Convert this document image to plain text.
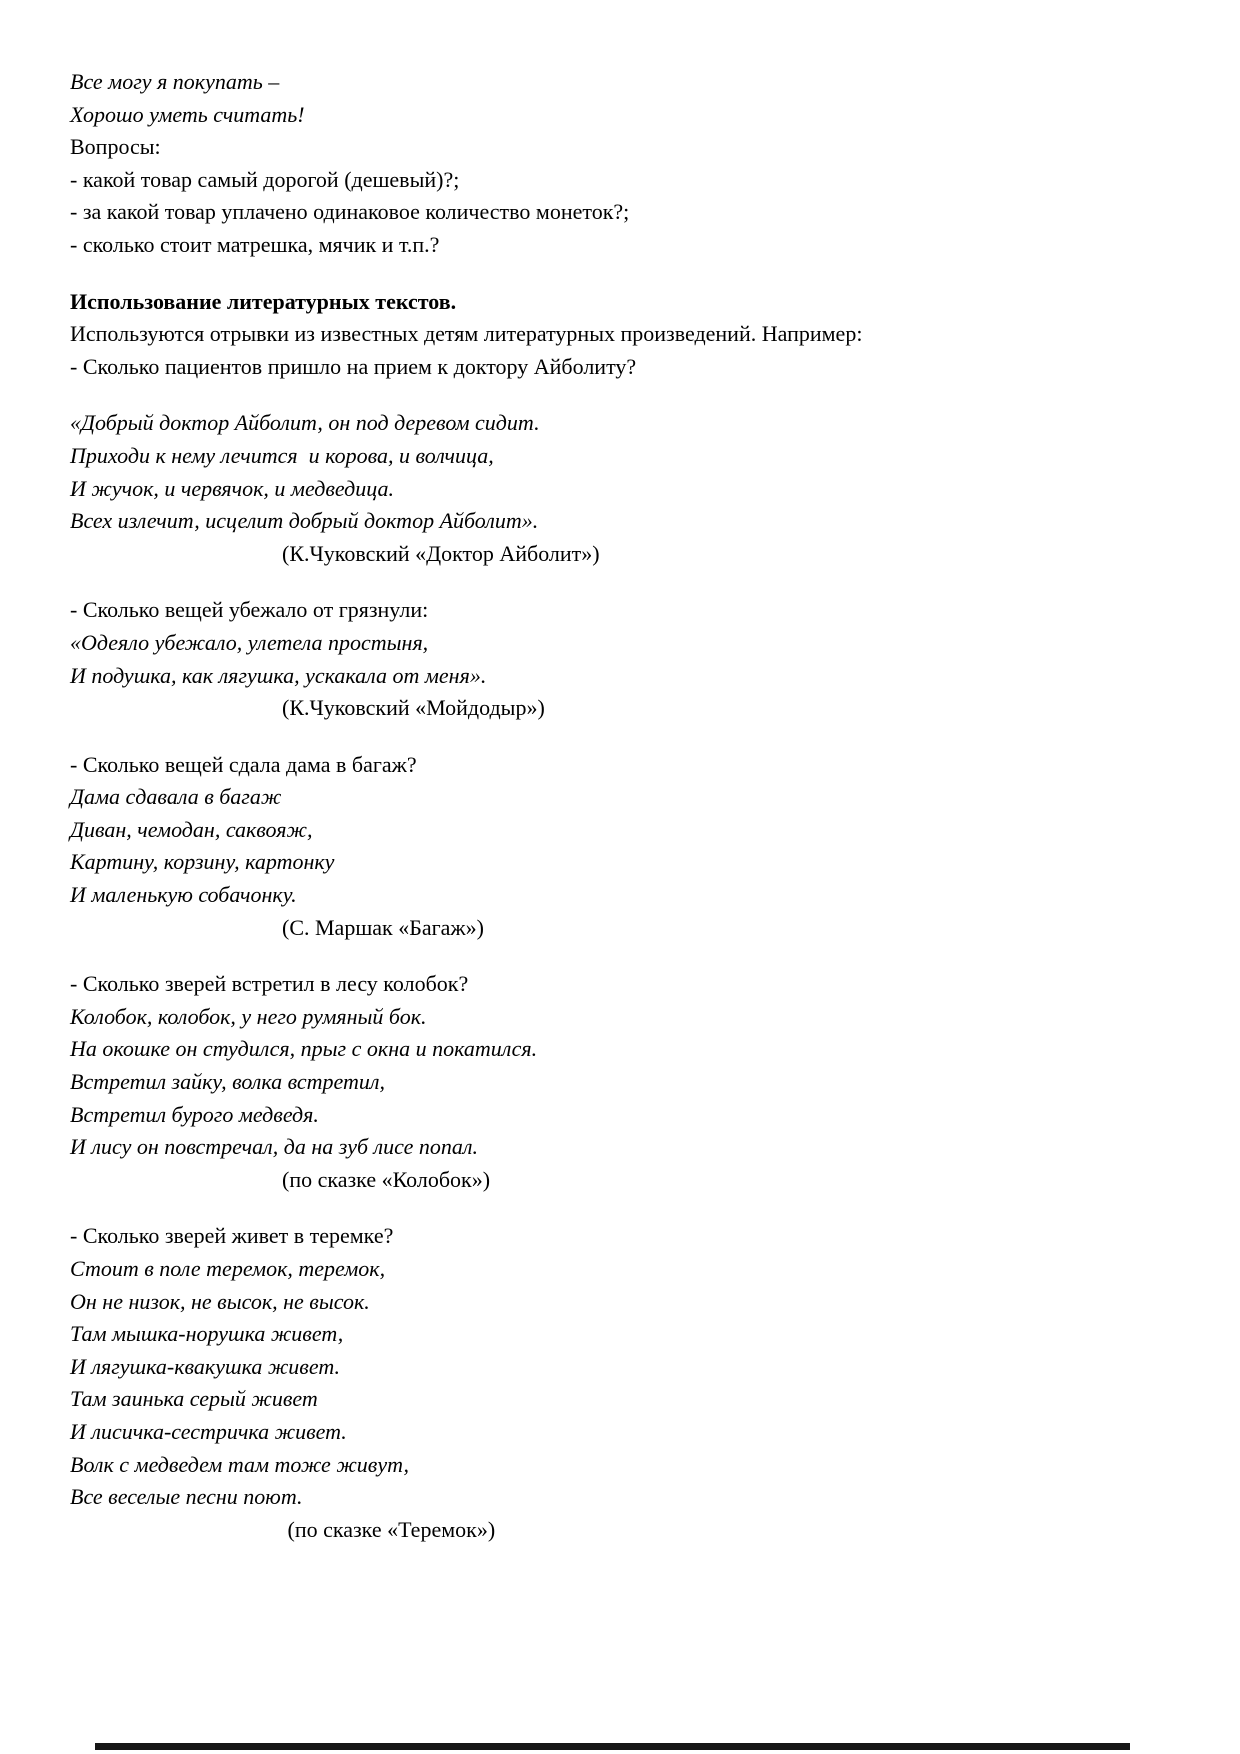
Все могу я покупать –
Хорошо уметь считать!
Вопросы:
- какой товар самый дорогой (дешевый)?;
- за какой товар уплачено одинаковое количество монеток?;
- сколько стоит матрешка, мячик и т.п.?
Использование литературных текстов.
Используются отрывки из известных детям литературных произведений. Например:
- Сколько пациентов пришло на прием к доктору Айболиту?
«Добрый доктор Айболит, он под деревом сидит.
Приходи к нему лечится  и корова, и волчица,
И жучок, и червячок, и медведица.
Всех излечит, исцелит добрый доктор Айболит».
(К.Чуковский «Доктор Айболит»)
- Сколько вещей убежало от грязнули:
«Одеяло убежало, улетела простыня,
И подушка, как лягушка, ускакала от меня».
(К.Чуковский «Мойдодыр»)
- Сколько вещей сдала дама в багаж?
Дама сдавала в багаж
Диван, чемодан, саквояж,
Картину, корзину, картонку
И маленькую собачонку.
(С. Маршак «Багаж»)
- Сколько зверей встретил в лесу колобок?
Колобок, колобок, у него румяный бок.
На окошке он студился, прыг с окна и покатился.
Встретил зайку, волка встретил,
Встретил бурого медведя.
И лису он повстречал, да на зуб лисе попал.
(по сказке «Колобок»)
- Сколько зверей живет в теремке?
Стоит в поле теремок, теремок,
Он не низок, не высок, не высок.
Там мышка-норушка живет,
И лягушка-квакушка живет.
Там заинька серый живет
И лисичка-сестричка живет.
Волк с медведем там тоже живут,
Все веселые песни поют.
(по сказке «Теремок»)
